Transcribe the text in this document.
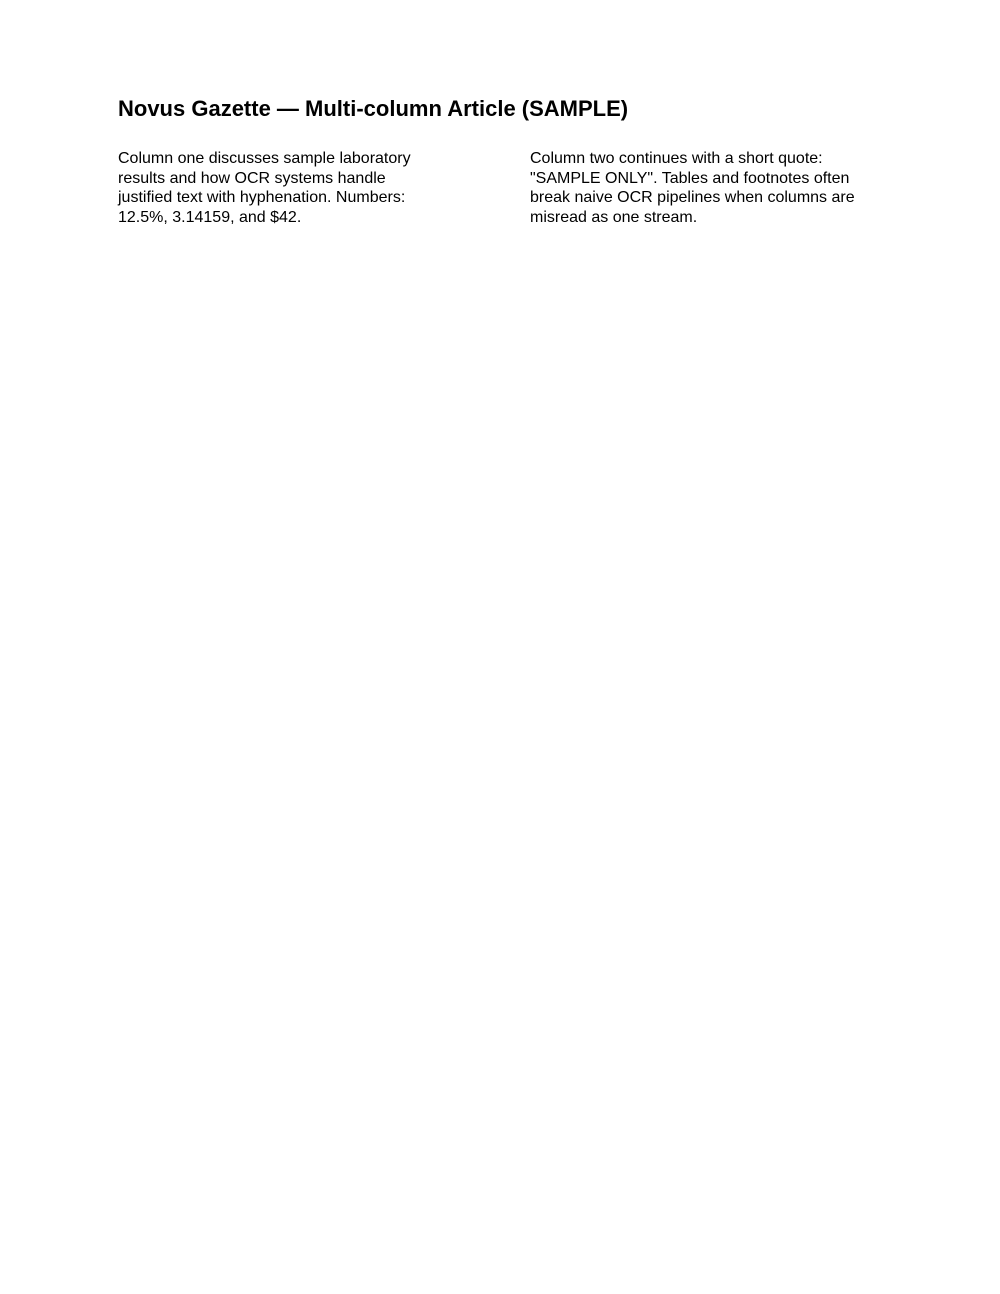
Novus Gazette — Multi-column Article (SAMPLE)
Column one discusses sample laboratory
results and how OCR systems handle
justified text with hyphenation. Numbers:
12.5%, 3.14159, and $42.
Column two continues with a short quote:
"SAMPLE ONLY". Tables and footnotes often
break naive OCR pipelines when columns are
misread as one stream.
